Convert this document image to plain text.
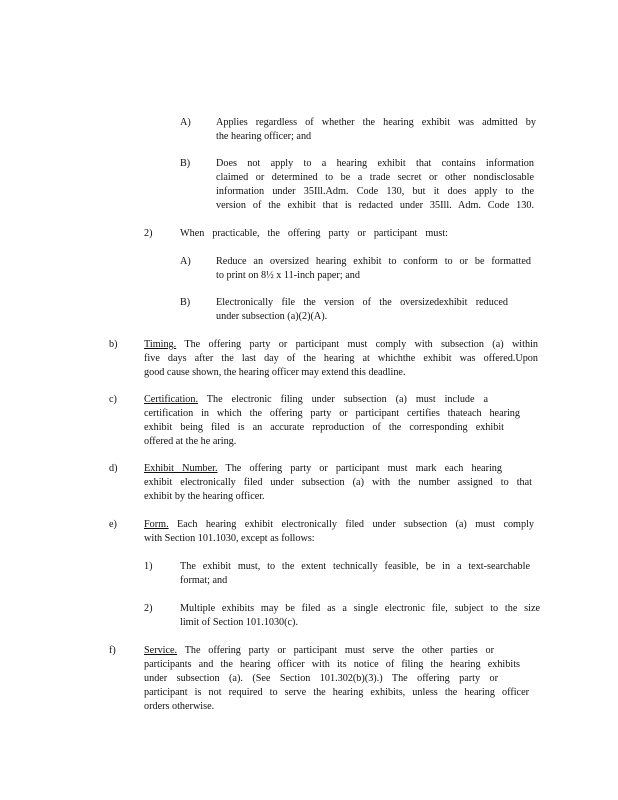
A) Applies regardless of whether the hearing exhibit was admitted by
the hearing officer; and
B)	Does not apply to a hearing exhibit that contains information
claimed or determined to be a trade secret or other nondisclosable
information under 35Ill.Adm. Code 130, but it does apply to the
version of the exhibit that is redacted under 35Ill. Adm. Code 130.
2)	When practicable, the offering party or participant must:
A) Reduce an oversized hearing exhibit to conform to or be formatted
to print on 8½ x 11-inch paper; and
B)	Electronically file the version of the oversizedexhibit reduced
under subsection (a)(2)(A).
b)	Timing. The offering party or participant must comply with subsection (a) within
five days after the last day of the hearing at whichthe exhibit was offered.Upon
good cause shown, the hearing officer may extend this deadline.
c)	Certification. The electronic filing under subsection (a) must include a
certification in which the offering party or participant certifies thateach hearing
exhibit being filed is an accurate reproduction of the corresponding exhibit
offered at the he aring.
d)	Exhibit Number. The offering party or participant must mark each hearing
exhibit electronically filed under subsection (a) with the number assigned to that
exhibit by the hearing officer.
e)	Form. Each hearing exhibit electronically filed under subsection (a) must comply
with Section 101.1030, except as follows:
1)	The exhibit must, to the extent technically feasible, be in a text-searchable
format; and
2)	Multiple exhibits may be filed as a single electronic file, subject to the size
limit of Section 101.1030(c).
f)	Service. The offering party or participant must serve the other parties or
participants and the hearing officer with its notice of filing the hearing exhibits
under subsection (a). (See Section 101.302(b)(3).) The offering party or
participant is not required to serve the hearing exhibits, unless the hearing officer
orders otherwise.
